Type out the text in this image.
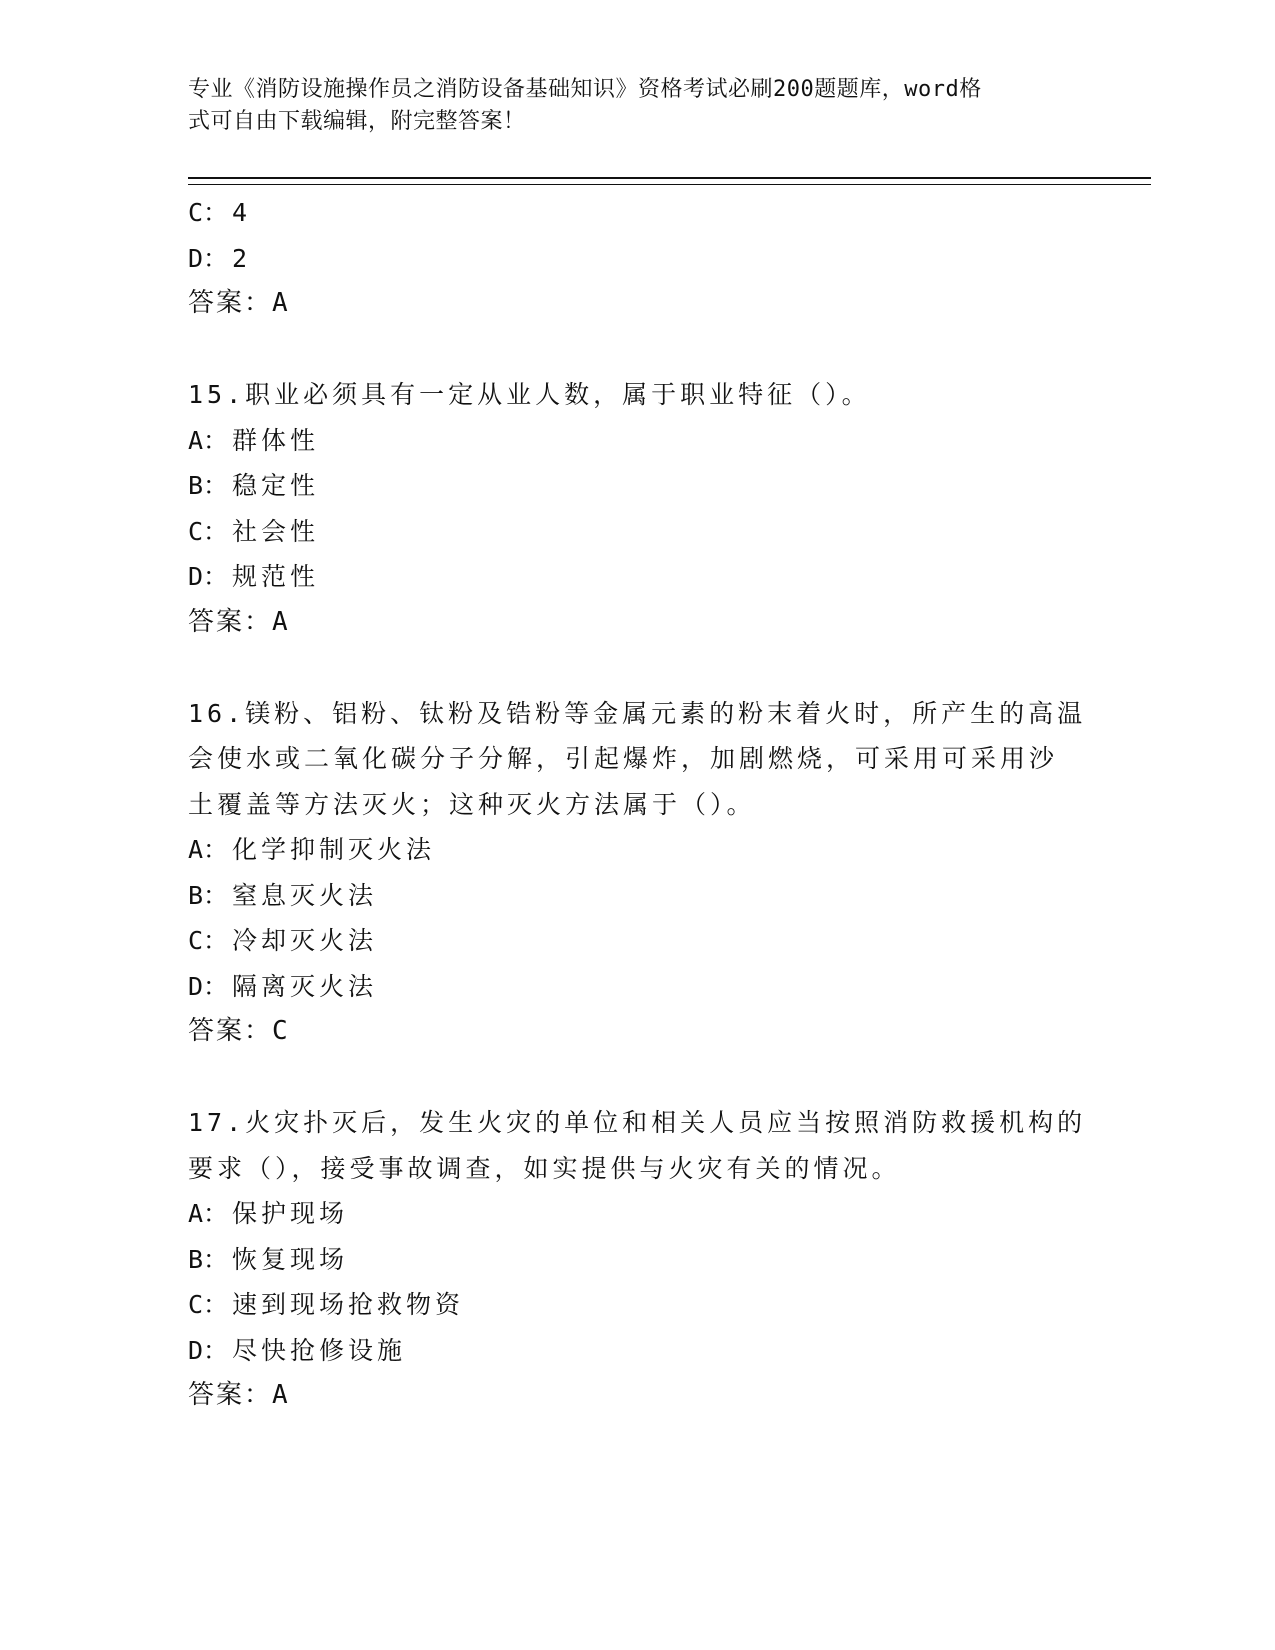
专业《消防设施操作员之消防设备基础知识》资格考试必刷200题题库，word格
式可自由下载编辑，附完整答案！
C： 4
D： 2
答案：A
15.职业必须具有一定从业人数，属于职业特征（）。
A： 群体性
B： 稳定性
C： 社会性
D： 规范性
答案：A
16.镁粉、铝粉、钛粉及锆粉等金属元素的粉末着火时，所产生的高温
会使水或二氧化碳分子分解，引起爆炸，加剧燃烧，可采用可采用沙
土覆盖等方法灭火；这种灭火方法属于（）。
A： 化学抑制灭火法
B： 窒息灭火法
C： 冷却灭火法
D： 隔离灭火法
答案：C
17.火灾扑灭后，发生火灾的单位和相关人员应当按照消防救援机构的
要求（），接受事故调查，如实提供与火灾有关的情况。
A： 保护现场
B： 恢复现场
C： 速到现场抢救物资
D： 尽快抢修设施
答案：A
